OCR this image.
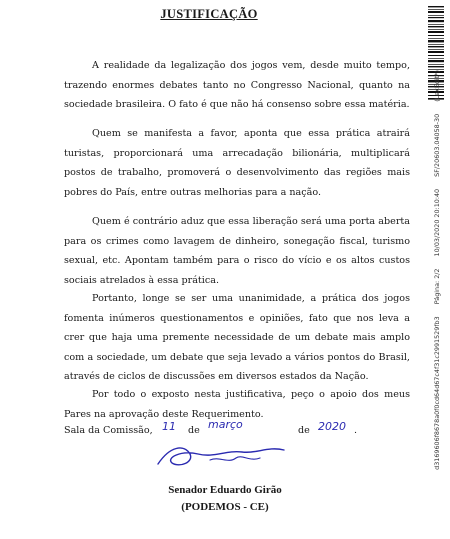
JUSTIFICAÇÃO

A realidade da legalização dos jogos vem, desde muito tempo, trazendo enormes debates tanto no Congresso Nacional, quanto na sociedade brasileira. O fato é que não há consenso sobre essa matéria.

Quem se manifesta a favor, aponta que essa prática atrairá turistas, proporcionará uma arrecadação bilionária, multiplicará postos de trabalho, promoverá o desenvolvimento das regiões mais pobres do País, entre outras melhorias para a nação.

Quem é contrário aduz que essa liberação será uma porta aberta para os crimes como lavagem de dinheiro, sonegação fiscal, turismo sexual, etc. Apontam também para o risco do vício e os altos custos sociais atrelados à essa prática.

Portanto, longe se ser uma unanimidade, a prática dos jogos fomenta inúmeros questionamentos e opiniões, fato que nos leva a crer que haja uma premente necessidade de um debate mais amplo com a sociedade, um debate que seja levado a vários pontos do Brasil, através de ciclos de discussões em diversos estados da Nação.

Por todo o exposto nesta justificativa, peço o apoio dos meus Pares na aprovação deste Requerimento.

Sala da Comissão, 11 de março	de 2020 .
Senador Eduardo Girão
(PODEMOS - CE)
d3169606f8678a0f0cd64d67c4f31c2991529fb3 Página: 2/2 10/03/2020 20:10:40 SF/20603.04058-30 (LexEdit*)
